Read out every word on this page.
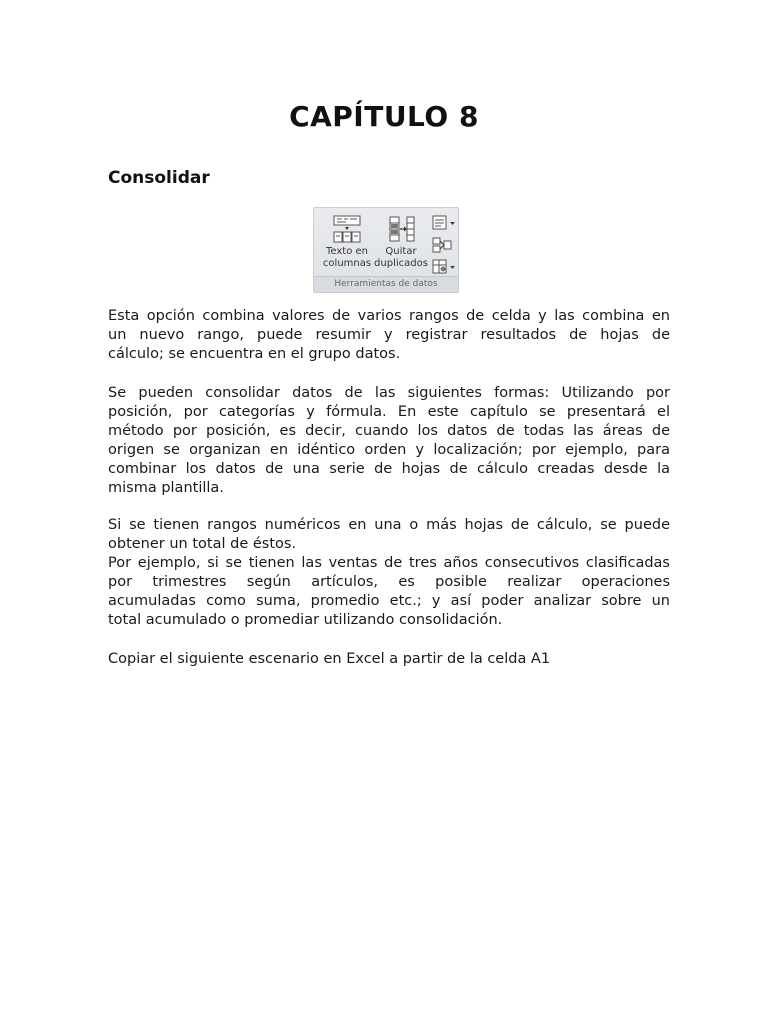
CAPÍTULO 8
Consolidar
Texto en
columnas
Quitar
duplicados
Herramientas de datos
Esta opción combina valores de varios rangos de celda y las combina en
un nuevo rango, puede resumir y registrar resultados de hojas de
cálculo; se encuentra en el grupo datos.
Se pueden consolidar datos de las siguientes formas: Utilizando por
posición, por categorías y fórmula. En este capítulo se presentará el
método por posición, es decir, cuando los datos de todas las áreas de
origen se organizan en idéntico orden y localización; por ejemplo, para
combinar los datos de una serie de hojas de cálculo creadas desde la
misma plantilla.
Si se tienen rangos numéricos en una o más hojas de cálculo, se puede
obtener un total de éstos.
Por ejemplo, si se tienen las ventas de tres años consecutivos clasificadas
por trimestres según artículos, es posible realizar operaciones
acumuladas como suma, promedio etc.; y así poder analizar sobre un
total acumulado o promediar utilizando consolidación.
Copiar el siguiente escenario en Excel a partir de la celda A1
